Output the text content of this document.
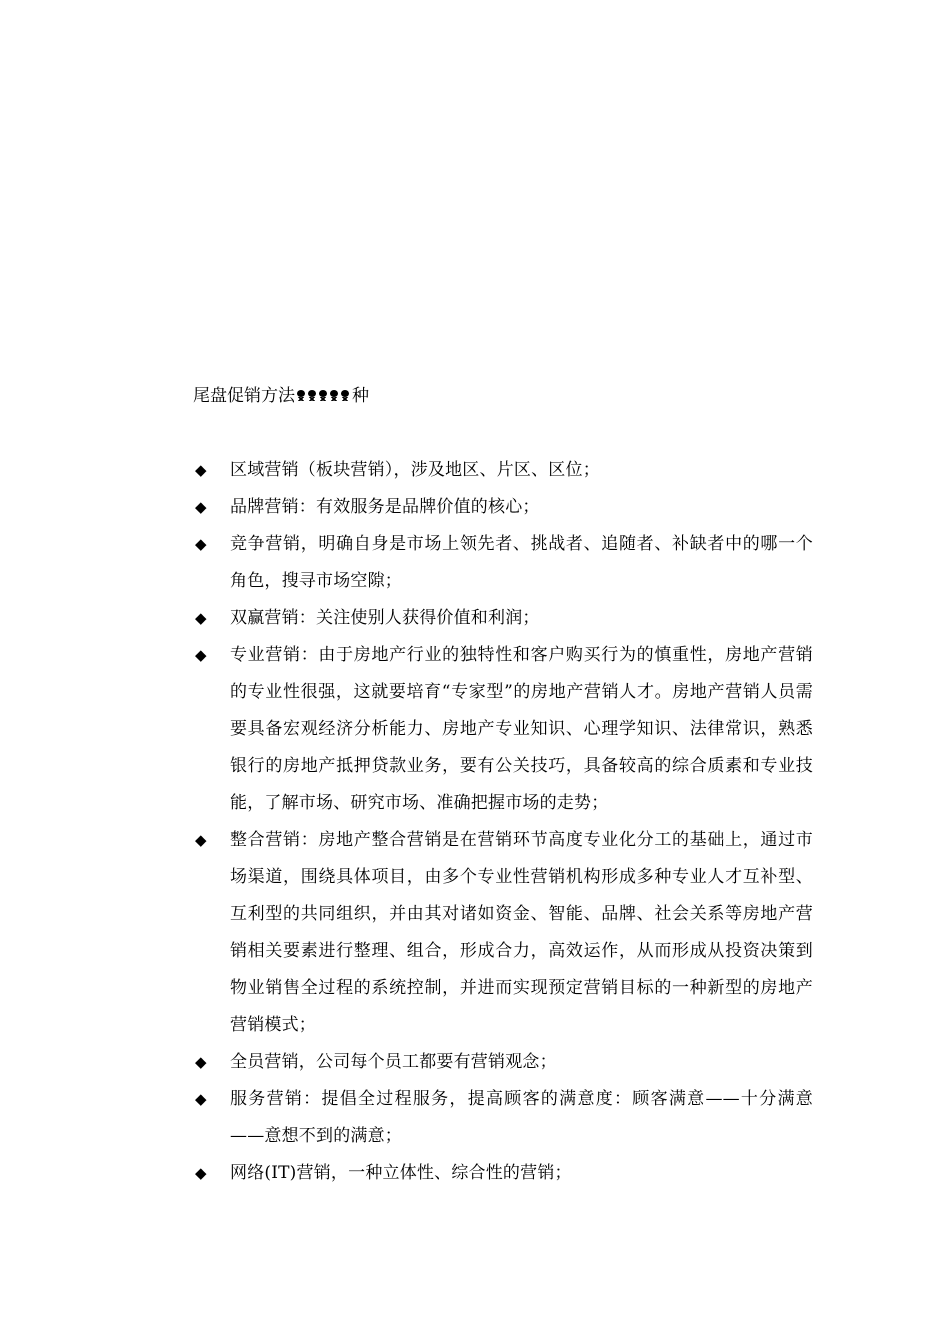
尾盘促销方法	种
◆ 区域营销（板块营销），涉及地区、片区、区位；
◆ 品牌营销：有效服务是品牌价值的核心；
◆ 竞争营销，明确自身是市场上领先者、挑战者、追随者、补缺者中的哪一个角色，搜寻市场空隙；
◆ 双赢营销：关注使别人获得价值和利润；
◆ 专业营销：由于房地产行业的独特性和客户购买行为的慎重性，房地产营销的专业性很强，这就要培育“专家型”的房地产营销人才。房地产营销人员需要具备宏观经济分析能力、房地产专业知识、心理学知识、法律常识，熟悉银行的房地产抵押贷款业务，要有公关技巧，具备较高的综合质素和专业技能，了解市场、研究市场、准确把握市场的走势；
◆ 整合营销：房地产整合营销是在营销环节高度专业化分工的基础上，通过市场渠道，围绕具体项目，由多个专业性营销机构形成多种专业人才互补型、互利型的共同组织，并由其对诸如资金、智能、品牌、社会关系等房地产营销相关要素进行整理、组合，形成合力，高效运作，从而形成从投资决策到物业销售全过程的系统控制，并进而实现预定营销目标的一种新型的房地产营销模式；
◆ 全员营销，公司每个员工都要有营销观念；
◆ 服务营销：提倡全过程服务，提高顾客的满意度：顾客满意——十分满意——意想不到的满意；
◆ 网络(IT)营销，一种立体性、综合性的营销；
